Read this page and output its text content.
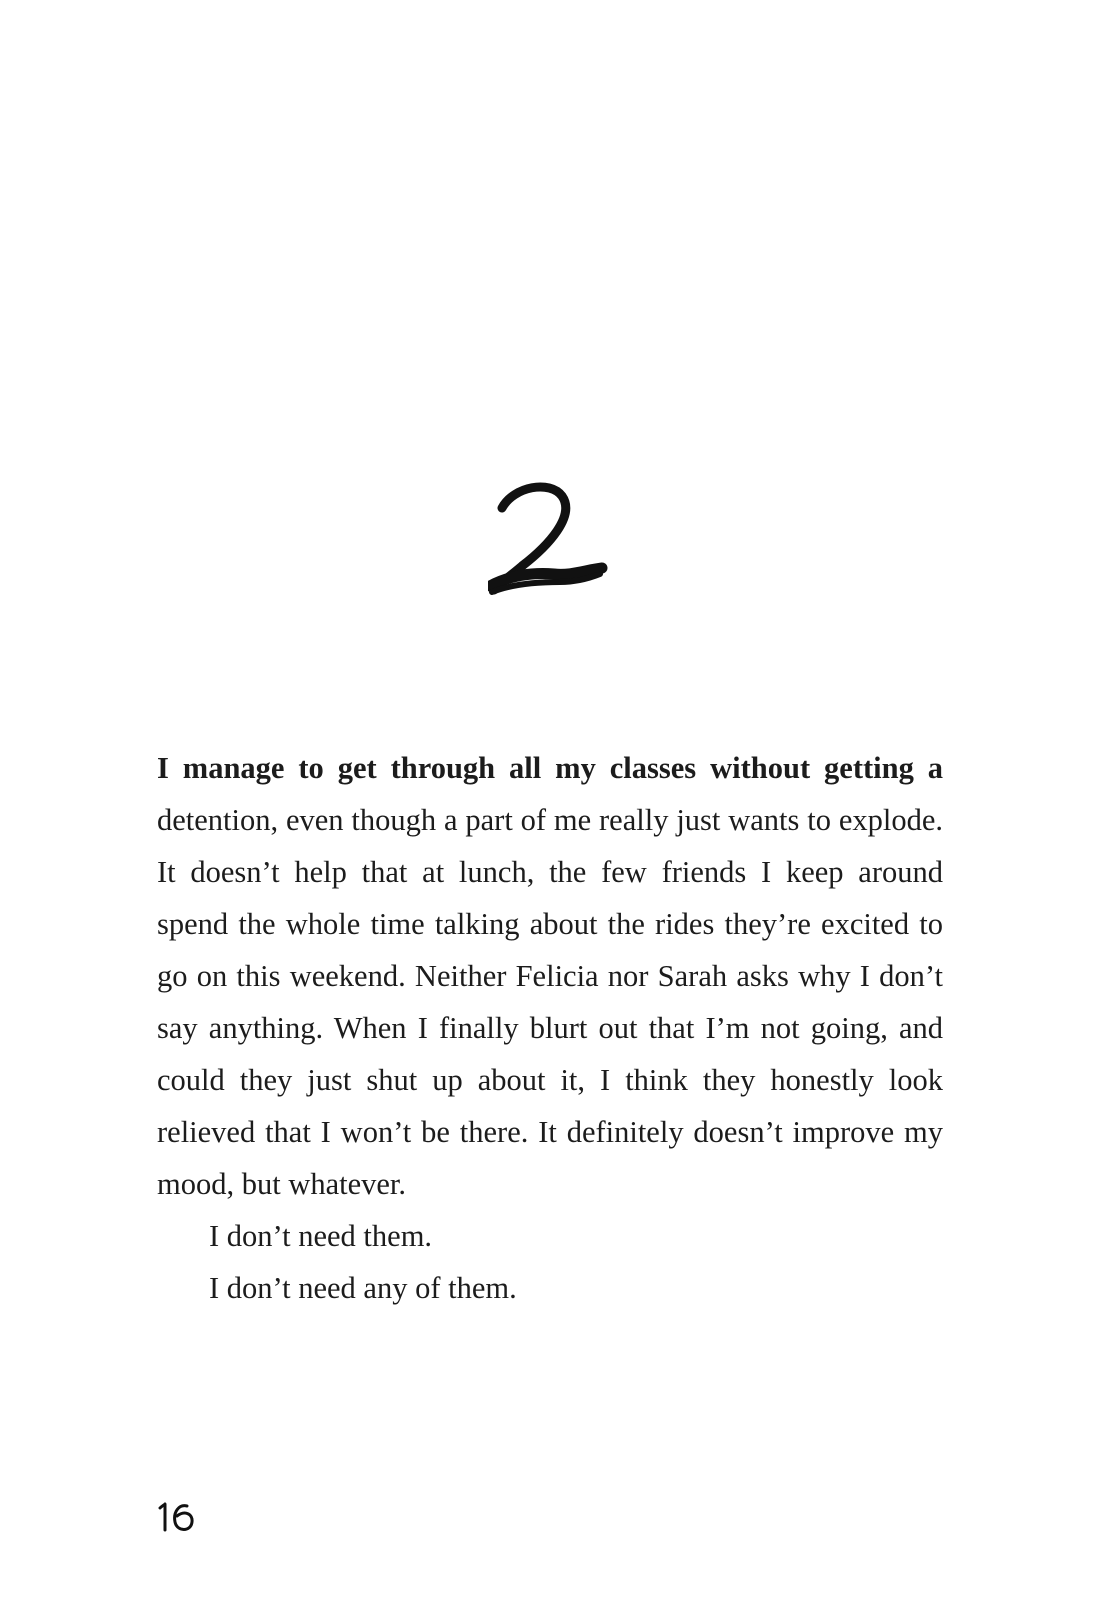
I manage to get through all my classes without getting a detention, even though a part of me really just wants to explode. It doesn’t help that at lunch, the few friends I keep around spend the whole time talking about the rides they’re excited to go on this weekend. Neither Felicia nor Sarah asks why I don’t say anything. When I finally blurt out that I’m not going, and could they just shut up about it, I think they honestly look relieved that I won’t be there. It definitely doesn’t improve my mood, but whatever.

I don’t need them.

I don’t need any of them.
